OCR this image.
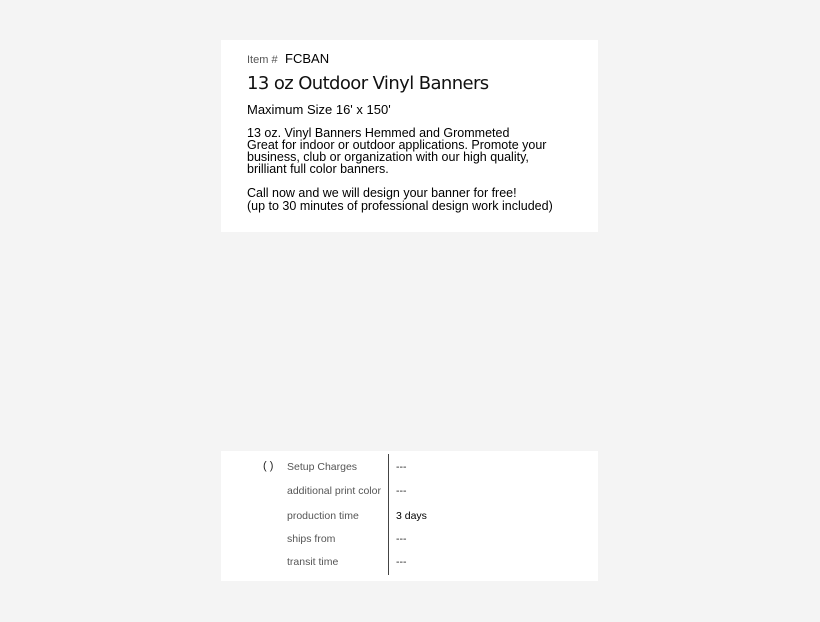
Item # FCBAN
13 oz Outdoor Vinyl Banners
Maximum Size 16' x 150'
13 oz. Vinyl Banners Hemmed and Grommeted
Great for indoor or outdoor applications. Promote your
business, club or organization with our high quality,
brilliant full color banners.
Call now and we will design your banner for free!
(up to 30 minutes of professional design work included)
( ) Setup Charges	---
additional print color ---
production time	3 days
ships from	---
transit time	---
